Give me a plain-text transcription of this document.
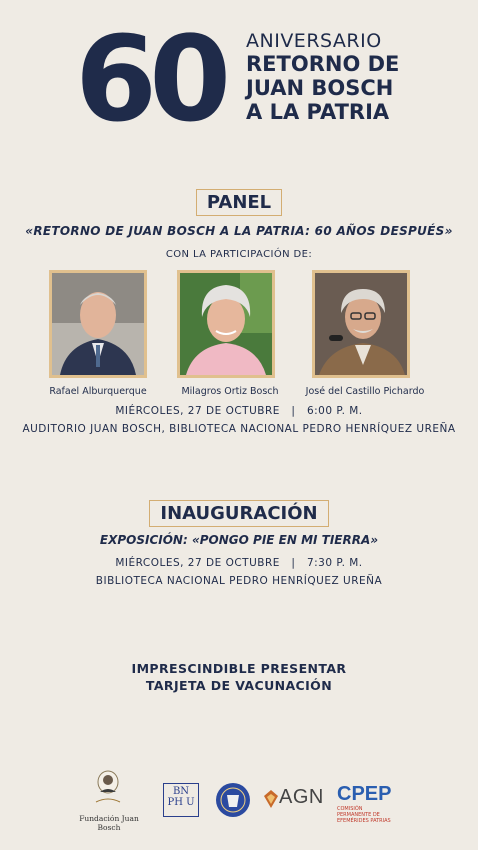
60 ANIVERSARIO
RETORNO DE
JUAN BOSCH
A LA PATRIA
PANEL
«RETORNO DE JUAN BOSCH A LA PATRIA: 60 AÑOS DESPUÉS»
CON LA PARTICIPACIÓN DE:
Rafael Alburquerque	Milagros Ortiz Bosch	José del Castillo Pichardo
MIÉRCOLES, 27 DE OCTUBRE   |   6:00 P. M.
AUDITORIO JUAN BOSCH, BIBLIOTECA NACIONAL PEDRO HENRÍQUEZ UREÑA
INAUGURACIÓN
EXPOSICIÓN: «PONGO PIE EN MI TIERRA»
MIÉRCOLES, 27 DE OCTUBRE   |   7:30 P. M.
BIBLIOTECA NACIONAL PEDRO HENRÍQUEZ UREÑA
IMPRESCINDIBLE PRESENTAR
TARJETA DE VACUNACIÓN
Fundación Juan Bosch
BN PH U	AGN CPEP
COMISIÓN PERMANENTE DE EFEMÉRIDES PATRIAS
